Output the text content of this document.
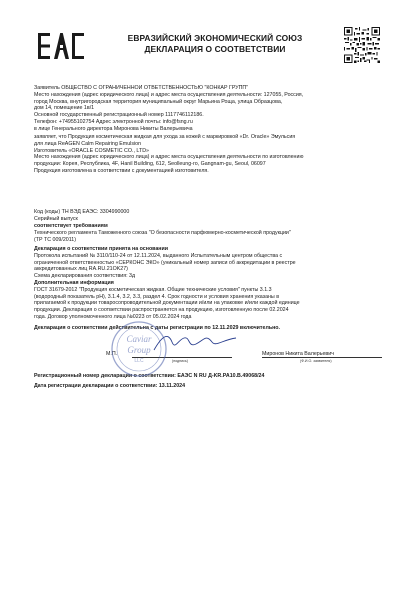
ЕВРАЗИЙСКИЙ ЭКОНОМИЧЕСКИЙ СОЮЗ
ДЕКЛАРАЦИЯ О СООТВЕТСТВИИ
Заявитель ОБЩЕСТВО С ОГРАНИЧЕННОЙ ОТВЕТСТВЕННОСТЬЮ "КОНКАР ГРУПП"
Место нахождения (адрес юридического лица) и адрес места осуществления деятельности: 127055, Россия,
город Москва, внутригородская территория муниципальный округ Марьина Роща, улица Образцова,
дом 14, помещение 1в/1
Основной государственный регистрационный номер 1117746112186.
Телефон: +74955102754 Адрес электронной почты: info@fsng.ru
в лице Генерального директора Миронова Никиты Валерьевича
заявляет, что Продукция косметическая жидкая для ухода за кожей с маркировкой «Dr. Oracle» Эмульсия
для лица ReAGEN Calm Repairing Emulsion
Изготовитель «ORACLE COSMETIC CO., LTD»
Место нахождения (адрес юридического лица) и адрес места осуществления деятельности по изготовлению
продукции: Корея, Республика, 4F, Hanil Building, 612, Seolleung-ro, Gangnam-gu, Seoul, 06097
Продукция изготовлена в соответствии с документацией изготовителя.
Код (коды) ТН ВЭД ЕАЭС: 3304990000
Серийный выпуск
соответствует требованиям
Технического регламента Таможенного союза "О безопасности парфюмерно-косметической продукции"
(ТР ТС 009/2011)
Декларация о соответствии принята на основании
Протокола испытаний № 3110/110-24 от 12.11.2024, выданного Испытательным центром общества с
ограниченной ответственностью «СЕРКОНС ЭКО» (уникальный номер записи об аккредитации в реестре
аккредитованных лиц RA.RU.21OK27)
Схема декларирования соответствия: 3д
Дополнительная информация
ГОСТ 31679-2012 "Продукция косметическая жидкая. Общие технические условия" пункты 3.1.3
(водородный показатель pH), 3.1.4, 3.2, 3.3, раздел 4. Срок годности и условия хранения указаны в
прилагаемой к продукции товаросопроводительной документации и/или на упаковке и/или каждой единице
продукции. Декларация о соответствии распространяется на продукцию, изготовленную после 02.2024
года. Договор уполномоченного лица №0223 от 05.02.2024 года
Декларация о соответствии действительна с даты регистрации по 12.11.2029 включительно.
М.П.
(подпись)
Миронов Никита Валерьевич
(Ф.И.О. заявителя)
Регистрационный номер декларации о соответствии: ЕАЭС N RU Д-KR.PA10.B.49068/24
Дата регистрации декларации о соответствии: 13.11.2024
Caviar
Group
LLC
